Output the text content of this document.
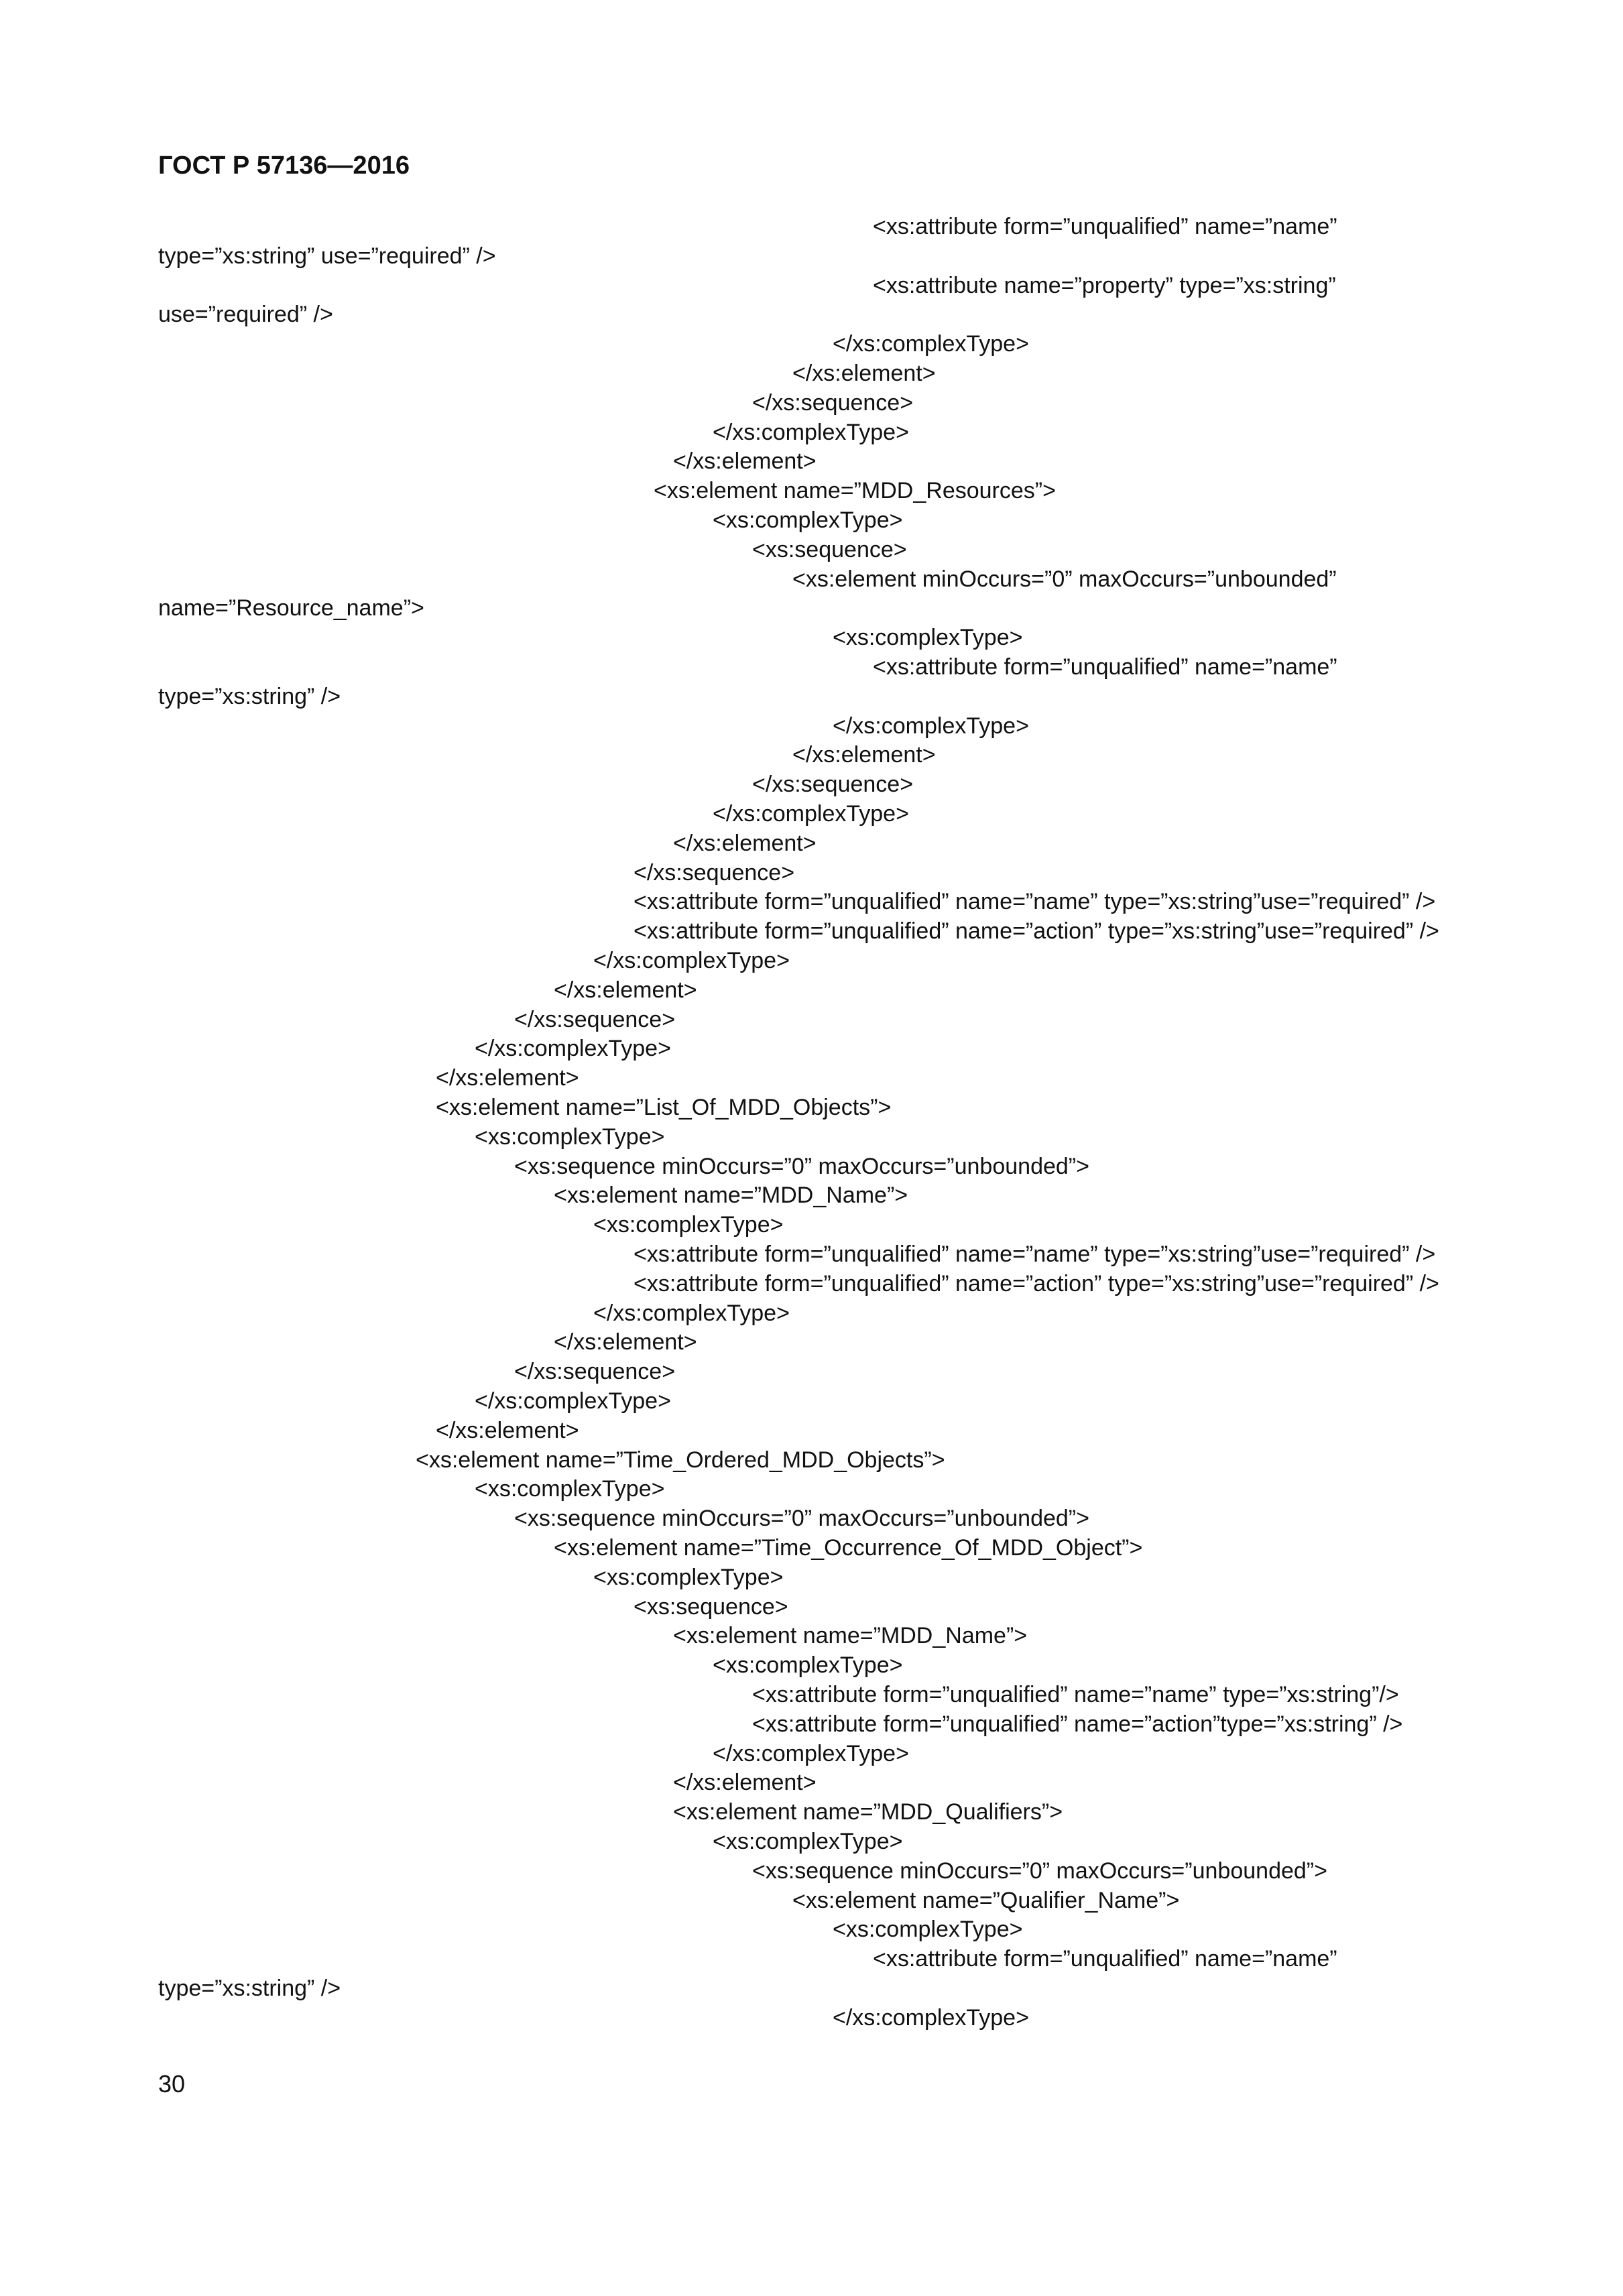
ГОСТ Р 57136—2016
<xs:attribute form=”unqualified” name=”name”
type=”xs:string” use=”required” />
<xs:attribute name=”property” type=”xs:string”
use=”required” />
</xs:complexType>
</xs:element>
</xs:sequence>
</xs:complexType>
</xs:element>
<xs:element name=”MDD_Resources”>
<xs:complexType>
<xs:sequence>
<xs:element minOccurs=”0” maxOccurs=”unbounded”
name=”Resource_name”>
<xs:complexType>
<xs:attribute form=”unqualified” name=”name”
type=”xs:string” />
</xs:complexType>
</xs:element>
</xs:sequence>
</xs:complexType>
</xs:element>
</xs:sequence>
<xs:attribute form=”unqualified” name=”name” type=”xs:string”use=”required” />
<xs:attribute form=”unqualified” name=”action” type=”xs:string”use=”required” />
</xs:complexType>
</xs:element>
</xs:sequence>
</xs:complexType>
</xs:element>
<xs:element name=”List_Of_MDD_Objects”>
<xs:complexType>
<xs:sequence minOccurs=”0” maxOccurs=”unbounded”>
<xs:element name=”MDD_Name”>
<xs:complexType>
<xs:attribute form=”unqualified” name=”name” type=”xs:string”use=”required” />
<xs:attribute form=”unqualified” name=”action” type=”xs:string”use=”required” />
</xs:complexType>
</xs:element>
</xs:sequence>
</xs:complexType>
</xs:element>
<xs:element name=”Time_Ordered_MDD_Objects”>
<xs:complexType>
<xs:sequence minOccurs=”0” maxOccurs=”unbounded”>
<xs:element name=”Time_Occurrence_Of_MDD_Object”>
<xs:complexType>
<xs:sequence>
<xs:element name=”MDD_Name”>
<xs:complexType>
<xs:attribute form=”unqualified” name=”name” type=”xs:string”/>
<xs:attribute form=”unqualified” name=”action”type=”xs:string” />
</xs:complexType>
</xs:element>
<xs:element name=”MDD_Qualifiers”>
<xs:complexType>
<xs:sequence minOccurs=”0” maxOccurs=”unbounded”>
<xs:element name=”Qualifier_Name”>
<xs:complexType>
<xs:attribute form=”unqualified” name=”name”
type=”xs:string” />
</xs:complexType>
30
